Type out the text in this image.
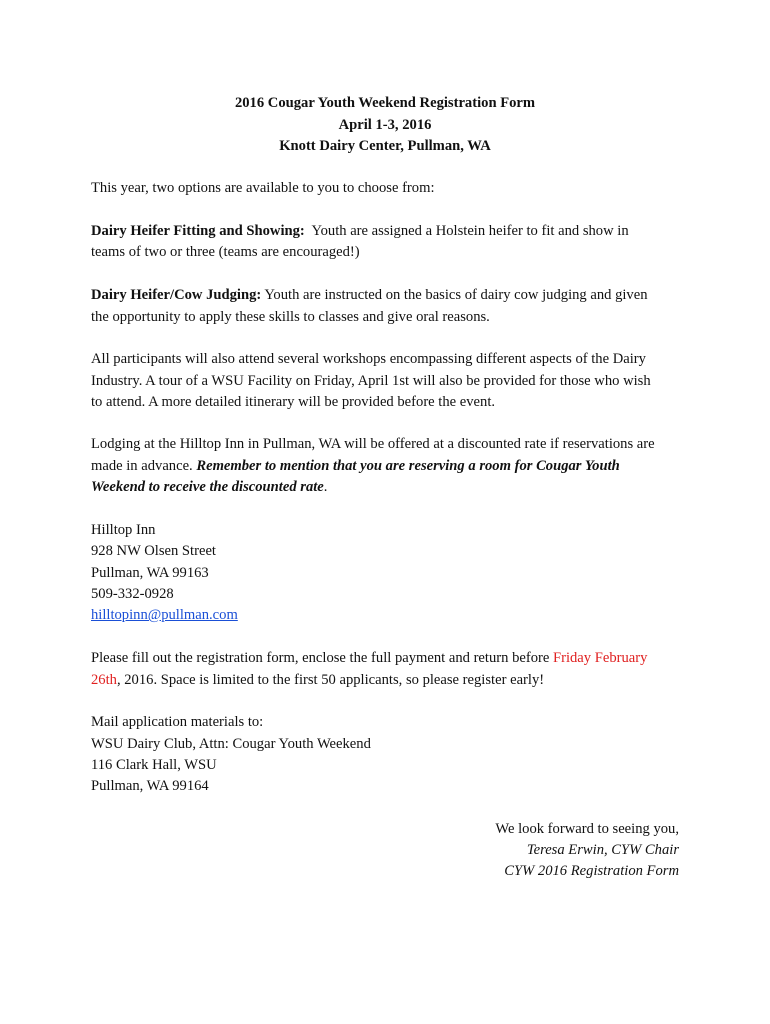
2016 Cougar Youth Weekend Registration Form
April 1-3, 2016
Knott Dairy Center, Pullman, WA
This year, two options are available to you to choose from:
Dairy Heifer Fitting and Showing:  Youth are assigned a Holstein heifer to fit and show in
teams of two or three (teams are encouraged!)
Dairy Heifer/Cow Judging: Youth are instructed on the basics of dairy cow judging and given
the opportunity to apply these skills to classes and give oral reasons.
All participants will also attend several workshops encompassing different aspects of the Dairy
Industry. A tour of a WSU Facility on Friday, April 1st will also be provided for those who wish
to attend. A more detailed itinerary will be provided before the event.
Lodging at the Hilltop Inn in Pullman, WA will be offered at a discounted rate if reservations are
made in advance. Remember to mention that you are reserving a room for Cougar Youth
Weekend to receive the discounted rate.
Hilltop Inn
928 NW Olsen Street
Pullman, WA 99163
509-332-0928
hilltopinn@pullman.com
Please fill out the registration form, enclose the full payment and return before Friday February
26th, 2016. Space is limited to the first 50 applicants, so please register early!
Mail application materials to:
WSU Dairy Club, Attn: Cougar Youth Weekend
116 Clark Hall, WSU
Pullman, WA 99164
We look forward to seeing you,
Teresa Erwin, CYW Chair
CYW 2016 Registration Form
